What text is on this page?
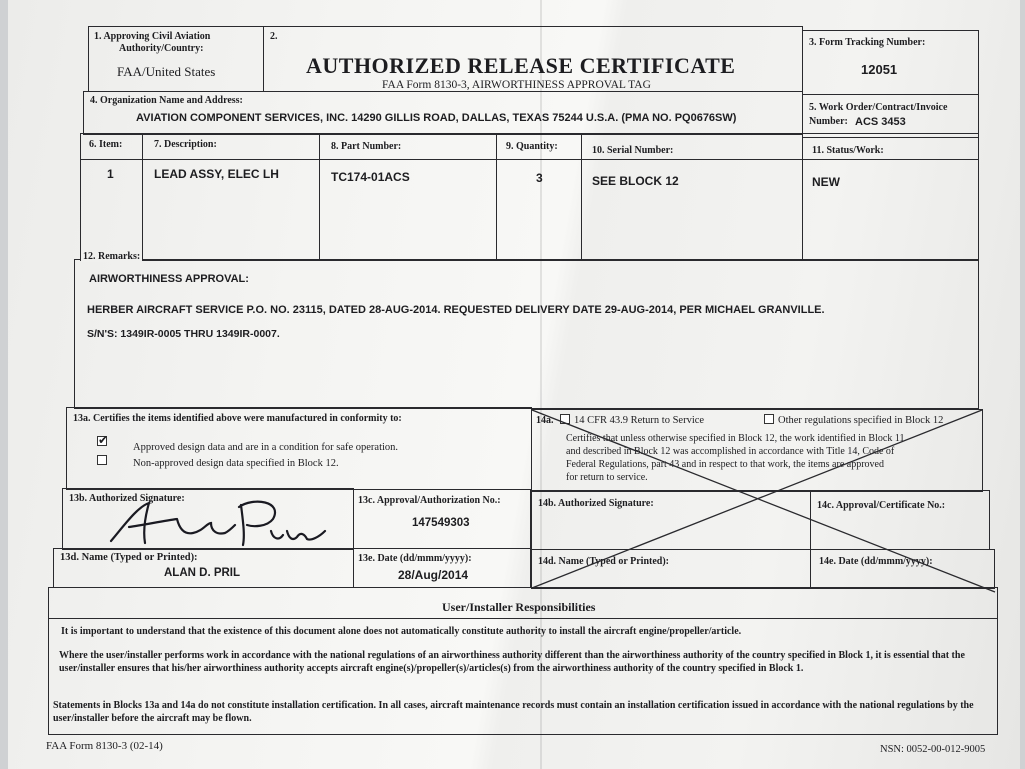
1. Approving Civil Aviation
Authority/Country:
FAA/United States
2.
AUTHORIZED RELEASE CERTIFICATE
FAA Form 8130-3, AIRWORTHINESS APPROVAL TAG
3. Form Tracking Number:
12051
4. Organization Name and Address:
AVIATION COMPONENT SERVICES, INC. 14290 GILLIS ROAD, DALLAS, TEXAS 75244 U.S.A. (PMA NO. PQ0676SW)
5. Work Order/Contract/Invoice
Number: ACS 3453
6. Item:	7. Description:	8. Part Number:	9. Quantity:	10. Serial Number:	11. Status/Work:
1	LEAD ASSY, ELEC LH	TC174-01ACS	3	SEE BLOCK 12	NEW
12. Remarks:
AIRWORTHINESS APPROVAL:
HERBER AIRCRAFT SERVICE P.O. NO. 23115, DATED 28-AUG-2014. REQUESTED DELIVERY DATE 29-AUG-2014, PER MICHAEL GRANVILLE.
S/N'S: 1349IR-0005 THRU 1349IR-0007.
13a. Certifies the items identified above were manufactured in conformity to:
✔
Approved design data and are in a condition for safe operation.
Non-approved design data specified in Block 12.
14a. 14 CFR 43.9 Return to Service	Other regulations specified in Block 12
Certifies that unless otherwise specified in Block 12, the work identified in Block 11
and described in Block 12 was accomplished in accordance with Title 14, Code of
Federal Regulations, part 43 and in respect to that work, the items are approved
for return to service.
13b. Authorized Signature:	13c. Approval/Authorization No.:
147549303
14b. Authorized Signature:	14c. Approval/Certificate No.:
13d. Name (Typed or Printed):
ALAN D. PRIL
13e. Date (dd/mmm/yyyy):
28/Aug/2014
14d. Name (Typed or Printed):	14e. Date (dd/mmm/yyyy):
User/Installer Responsibilities
It is important to understand that the existence of this document alone does not automatically constitute authority to install the aircraft engine/propeller/article.
Where the user/installer performs work in accordance with the national regulations of an airworthiness authority different than the airworthiness authority of the country specified in Block 1, it is essential that the user/installer ensures that his/her airworthiness authority accepts aircraft engine(s)/propeller(s)/articles(s) from the airworthiness authority of the country specified in Block 1.
Statements in Blocks 13a and 14a do not constitute installation certification. In all cases, aircraft maintenance records must contain an installation certification issued in accordance with the national regulations by the user/installer before the aircraft may be flown.
FAA Form 8130-3 (02-14)	NSN: 0052-00-012-9005
